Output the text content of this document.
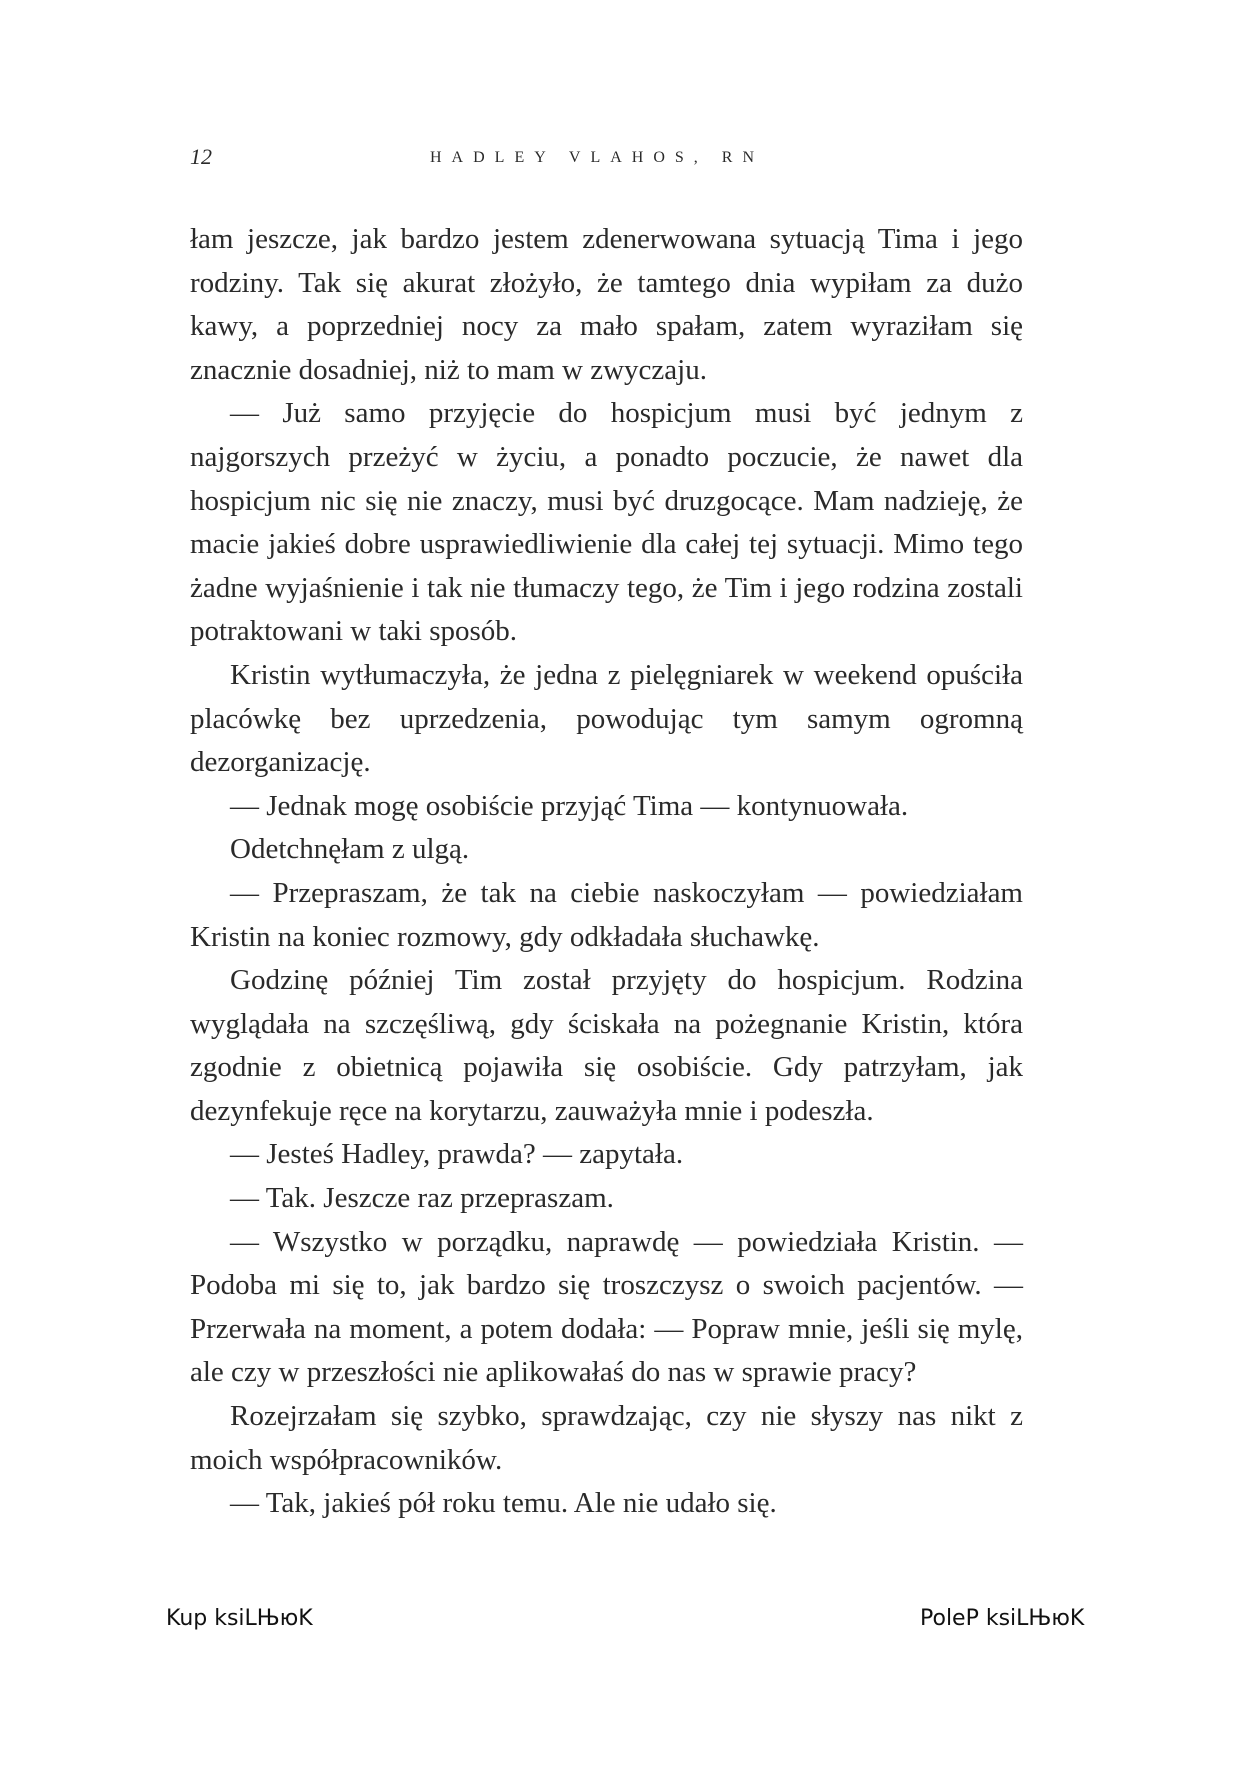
12	HADLEY VLAHOS, RN

łam jeszcze, jak bardzo jestem zdenerwowana sytuacją Tima i jego rodziny. Tak się akurat złożyło, że tamtego dnia wypiłam za dużo kawy, a poprzedniej nocy za mało spałam, zatem wyraziłam się znacznie dosadniej, niż to mam w zwyczaju.

— Już samo przyjęcie do hospicjum musi być jednym z najgorszych przeżyć w życiu, a ponadto poczucie, że nawet dla hospicjum nic się nie znaczy, musi być druzgocące. Mam nadzieję, że macie jakieś dobre usprawiedliwienie dla całej tej sytuacji. Mimo tego żadne wyjaśnienie i tak nie tłumaczy tego, że Tim i jego rodzina zostali potraktowani w taki sposób.

Kristin wytłumaczyła, że jedna z pielęgniarek w weekend opuściła placówkę bez uprzedzenia, powodując tym samym ogromną dezorganizację.

— Jednak mogę osobiście przyjąć Tima — kontynuowała.

Odetchnęłam z ulgą.

— Przepraszam, że tak na ciebie naskoczyłam — powiedziałam Kristin na koniec rozmowy, gdy odkładała słuchawkę.

Godzinę później Tim został przyjęty do hospicjum. Rodzina wyglądała na szczęśliwą, gdy ściskała na pożegnanie Kristin, która zgodnie z obietnicą pojawiła się osobiście. Gdy patrzyłam, jak dezynfekuje ręce na korytarzu, zauważyła mnie i podeszła.

— Jesteś Hadley, prawda? — zapytała.

— Tak. Jeszcze raz przepraszam.

— Wszystko w porządku, naprawdę — powiedziała Kristin. — Podoba mi się to, jak bardzo się troszczysz o swoich pacjentów. — Przerwała na moment, a potem dodała: — Popraw mnie, jeśli się mylę, ale czy w przeszłości nie aplikowałaś do nas w sprawie pracy?

Rozejrzałam się szybko, sprawdzając, czy nie słyszy nas nikt z moich współpracowników.

— Tak, jakieś pół roku temu. Ale nie udało się.

Kup ksiLЊюK	PoleP ksiLЊюK
